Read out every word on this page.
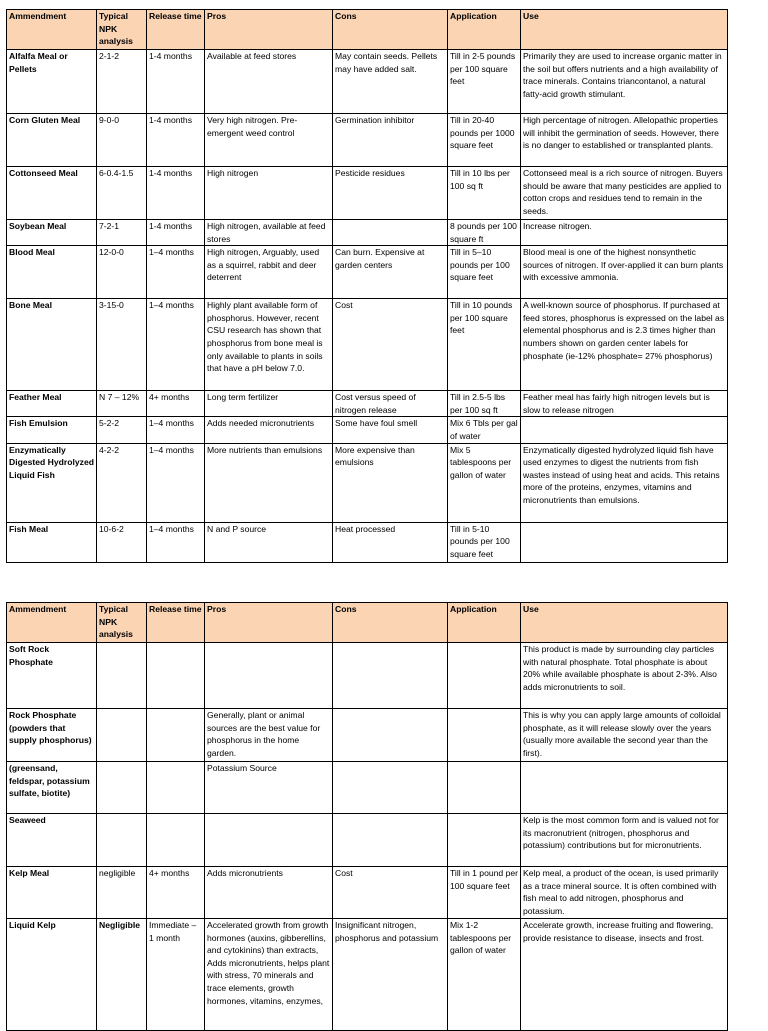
Ammendment	Typical NPK analysis	Release time	Pros	Cons	Application	Use
Alfalfa Meal or Pellets	2-1-2	1-4 months	Available at feed stores	May contain seeds. Pellets may have added salt.	Till in 2-5 pounds per 100 square feet	Primarily they are used to increase organic matter in the soil but offers nutrients and a high availability of trace minerals. Contains triancontanol, a natural fatty-acid growth stimulant.
Corn Gluten Meal	9-0-0	1-4 months	Very high nitrogen. Pre-emergent weed control	Germination inhibitor	Till in 20-40 pounds per 1000 square feet	High percentage of nitrogen. Allelopathic properties will inhibit the germination of seeds. However, there is no danger to established or transplanted plants.
Cottonseed Meal	6-0.4-1.5	1-4 months	High nitrogen	Pesticide residues	Till in 10 lbs per 100 sq ft	Cottonseed meal is a rich source of nitrogen. Buyers should be aware that many pesticides are applied to cotton crops and residues tend to remain in the seeds.
Soybean Meal	7-2-1	1-4 months	High nitrogen, available at feed stores		8 pounds per 100 square ft	Increase nitrogen.
Blood Meal	12-0-0	1–4 months	High nitrogen, Arguably, used as a squirrel, rabbit and deer deterrent	Can burn. Expensive at garden centers	Till in 5–10 pounds per 100 square feet	Blood meal is one of the highest nonsynthetic sources of nitrogen. If over-applied it can burn plants with excessive ammonia.
Bone Meal	3-15-0	1–4 months	Highly plant available form of phosphorus. However, recent CSU research has shown that phosphorus from bone meal is only available to plants in soils that have a pH below 7.0.	Cost	Till in 10 pounds per 100 square feet	A well-known source of phosphorus. If purchased at feed stores, phosphorus is expressed on the label as elemental phosphorus and is 2.3 times higher than numbers shown on garden center labels for phosphate (ie-12% phosphate= 27% phosphorus)
Feather Meal	N 7 – 12%	4+ months	Long term fertilizer	Cost versus speed of nitrogen release	Till in 2.5-5 lbs per 100 sq ft	Feather meal has fairly high nitrogen levels but is slow to release nitrogen
Fish Emulsion	5-2-2	1–4 months	Adds needed micronutrients	Some have foul smell	Mix 6 Tbls per gal of water	
Enzymatically Digested Hydrolyzed Liquid Fish	4-2-2	1–4 months	More nutrients than emulsions	More expensive than emulsions	Mix 5 tablespoons per gallon of water	Enzymatically digested hydrolyzed liquid fish have used enzymes to digest the nutrients from fish wastes instead of using heat and acids. This retains more of the proteins, enzymes, vitamins and micronutrients than emulsions.
Fish Meal	10-6-2	1–4 months	N and P source	Heat processed	Till in 5-10 pounds per 100 square feet	
Ammendment	Typical NPK analysis	Release time	Pros	Cons	Application	Use
Soft Rock Phosphate						This product is made by surrounding clay particles with natural phosphate. Total phosphate is about 20% while available phosphate is about 2-3%. Also adds micronutrients to soil.
Rock Phosphate (powders that supply phosphorus)			Generally, plant or animal sources are the best value for phosphorus in the home garden.			This is why you can apply large amounts of colloidal phosphate, as it will release slowly over the years (usually more available the second year than the first).
(greensand, feldspar, potassium sulfate, biotite)			Potassium Source			
Seaweed						Kelp is the most common form and is valued not for its macronutrient (nitrogen, phosphorus and potassium) contributions but for micronutrients.
Kelp Meal	negligible	4+ months	Adds micronutrients	Cost	Till in 1 pound per 100 square feet	Kelp meal, a product of the ocean, is used primarily as a trace mineral source. It is often combined with fish meal to add nitrogen, phosphorus and potassium.
Liquid Kelp	Negligible	Immediate – 1 month	Accelerated growth from growth hormones (auxins, gibberellins, and cytokinins) than extracts, Adds micronutrients, helps plant with stress, 70 minerals and trace elements, growth hormones, vitamins, enzymes,	Insignificant nitrogen, phosphorus and potassium	Mix 1-2 tablespoons per gallon of water	Accelerate growth, increase fruiting and flowering, provide resistance to disease, insects and frost.
